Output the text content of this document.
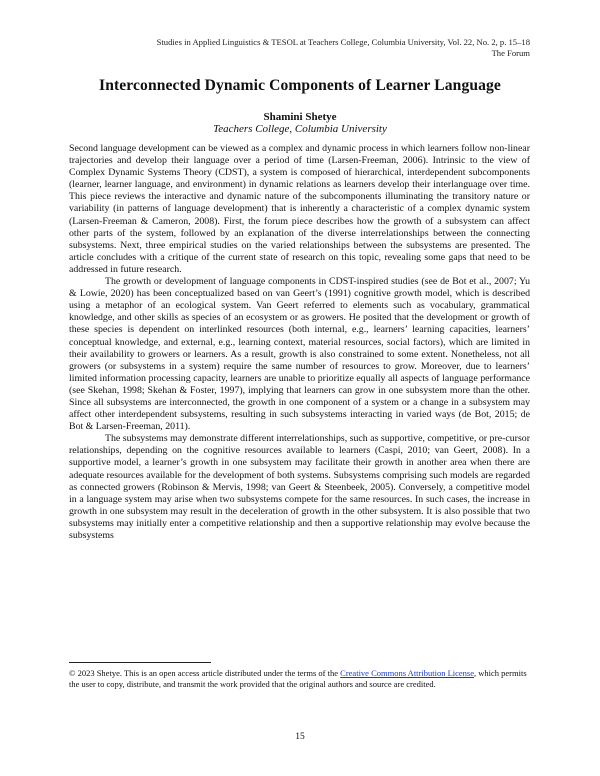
Studies in Applied Linguistics & TESOL at Teachers College, Columbia University, Vol. 22, No. 2, p. 15–18
The Forum
Interconnected Dynamic Components of Learner Language
Shamini Shetye
Teachers College, Columbia University

Second language development can be viewed as a complex and dynamic process in which learners follow non-linear trajectories and develop their language over a period of time (Larsen-Freeman, 2006). Intrinsic to the view of Complex Dynamic Systems Theory (CDST), a system is composed of hierarchical, interdependent subcomponents (learner, learner language, and environment) in dynamic relations as learners develop their interlanguage over time. This piece reviews the interactive and dynamic nature of the subcomponents illuminating the transitory nature or variability (in patterns of language development) that is inherently a characteristic of a complex dynamic system (Larsen-Freeman & Cameron, 2008). First, the forum piece describes how the growth of a subsystem can affect other parts of the system, followed by an explanation of the diverse interrelationships between the connecting subsystems. Next, three empirical studies on the varied relationships between the subsystems are presented. The article concludes with a critique of the current state of research on this topic, revealing some gaps that need to be addressed in future research.

The growth or development of language components in CDST-inspired studies (see de Bot et al., 2007; Yu & Lowie, 2020) has been conceptualized based on van Geert’s (1991) cognitive growth model, which is described using a metaphor of an ecological system. Van Geert referred to elements such as vocabulary, grammatical knowledge, and other skills as species of an ecosystem or as growers. He posited that the development or growth of these species is dependent on interlinked resources (both internal, e.g., learners’ learning capacities, learners’ conceptual knowledge, and external, e.g., learning context, material resources, social factors), which are limited in their availability to growers or learners. As a result, growth is also constrained to some extent. Nonetheless, not all growers (or subsystems in a system) require the same number of resources to grow. Moreover, due to learners’ limited information processing capacity, learners are unable to prioritize equally all aspects of language performance (see Skehan, 1998; Skehan & Foster, 1997), implying that learners can grow in one subsystem more than the other. Since all subsystems are interconnected, the growth in one component of a system or a change in a subsystem may affect other interdependent subsystems, resulting in such subsystems interacting in varied ways (de Bot, 2015; de Bot & Larsen-Freeman, 2011).

The subsystems may demonstrate different interrelationships, such as supportive, competitive, or pre-cursor relationships, depending on the cognitive resources available to learners (Caspi, 2010; van Geert, 2008). In a supportive model, a learner’s growth in one subsystem may facilitate their growth in another area when there are adequate resources available for the development of both systems. Subsystems comprising such models are regarded as connected growers (Robinson & Mervis, 1998; van Geert & Steenbeek, 2005). Conversely, a competitive model in a language system may arise when two subsystems compete for the same resources. In such cases, the increase in growth in one subsystem may result in the deceleration of growth in the other subsystem. It is also possible that two subsystems may initially enter a competitive relationship and then a supportive relationship may evolve because the subsystems

© 2023 Shetye. This is an open access article distributed under the terms of the Creative Commons Attribution License, which permits the user to copy, distribute, and transmit the work provided that the original authors and source are credited.
15
